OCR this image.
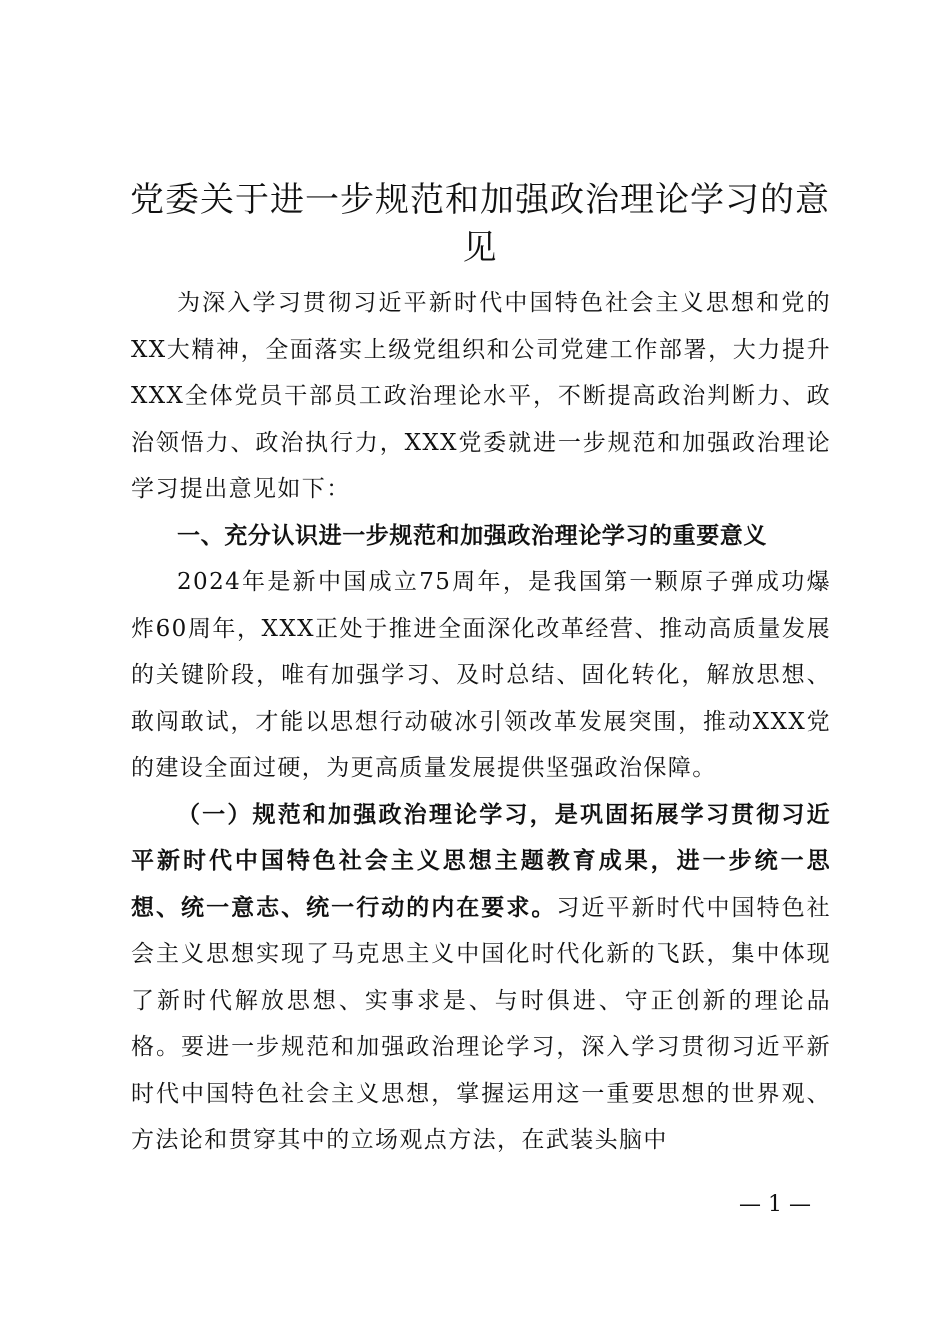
党委关于进一步规范和加强政治理论学习的意见

为深入学习贯彻习近平新时代中国特色社会主义思想和党的XX大精神，全面落实上级党组织和公司党建工作部署，大力提升XXX全体党员干部员工政治理论水平，不断提高政治判断力、政治领悟力、政治执行力，XXX党委就进一步规范和加强政治理论学习提出意见如下：

一、充分认识进一步规范和加强政治理论学习的重要意义

2024年是新中国成立75周年，是我国第一颗原子弹成功爆炸60周年，XXX正处于推进全面深化改革经营、推动高质量发展的关键阶段，唯有加强学习、及时总结、固化转化，解放思想、敢闯敢试，才能以思想行动破冰引领改革发展突围，推动XXX党的建设全面过硬，为更高质量发展提供坚强政治保障。

（一）规范和加强政治理论学习，是巩固拓展学习贯彻习近平新时代中国特色社会主义思想主题教育成果，进一步统一思想、统一意志、统一行动的内在要求。习近平新时代中国特色社会主义思想实现了马克思主义中国化时代化新的飞跃，集中体现了新时代解放思想、实事求是、与时俱进、守正创新的理论品格。要进一步规范和加强政治理论学习，深入学习贯彻习近平新时代中国特色社会主义思想，掌握运用这一重要思想的世界观、方法论和贯穿其中的立场观点方法，在武装头脑中

— 1 —
